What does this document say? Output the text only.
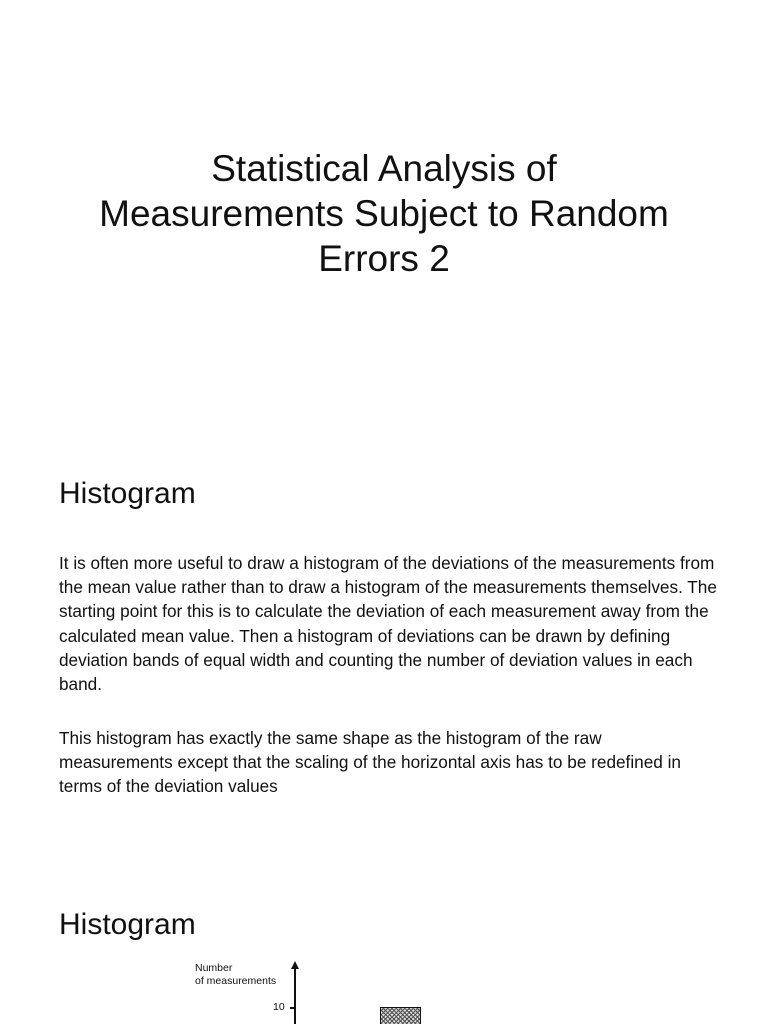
Statistical Analysis of Measurements Subject to Random Errors 2
Histogram

It is often more useful to draw a histogram of the deviations of the measurements from the mean value rather than to draw a histogram of the measurements themselves. The starting point for this is to calculate the deviation of each measurement away from the calculated mean value. Then a histogram of deviations can be drawn by defining deviation bands of equal width and counting the number of deviation values in each band.

This histogram has exactly the same shape as the histogram of the raw measurements except that the scaling of the horizontal axis has to be redefined in terms of the deviation values

Histogram
Number
of measurements
10
